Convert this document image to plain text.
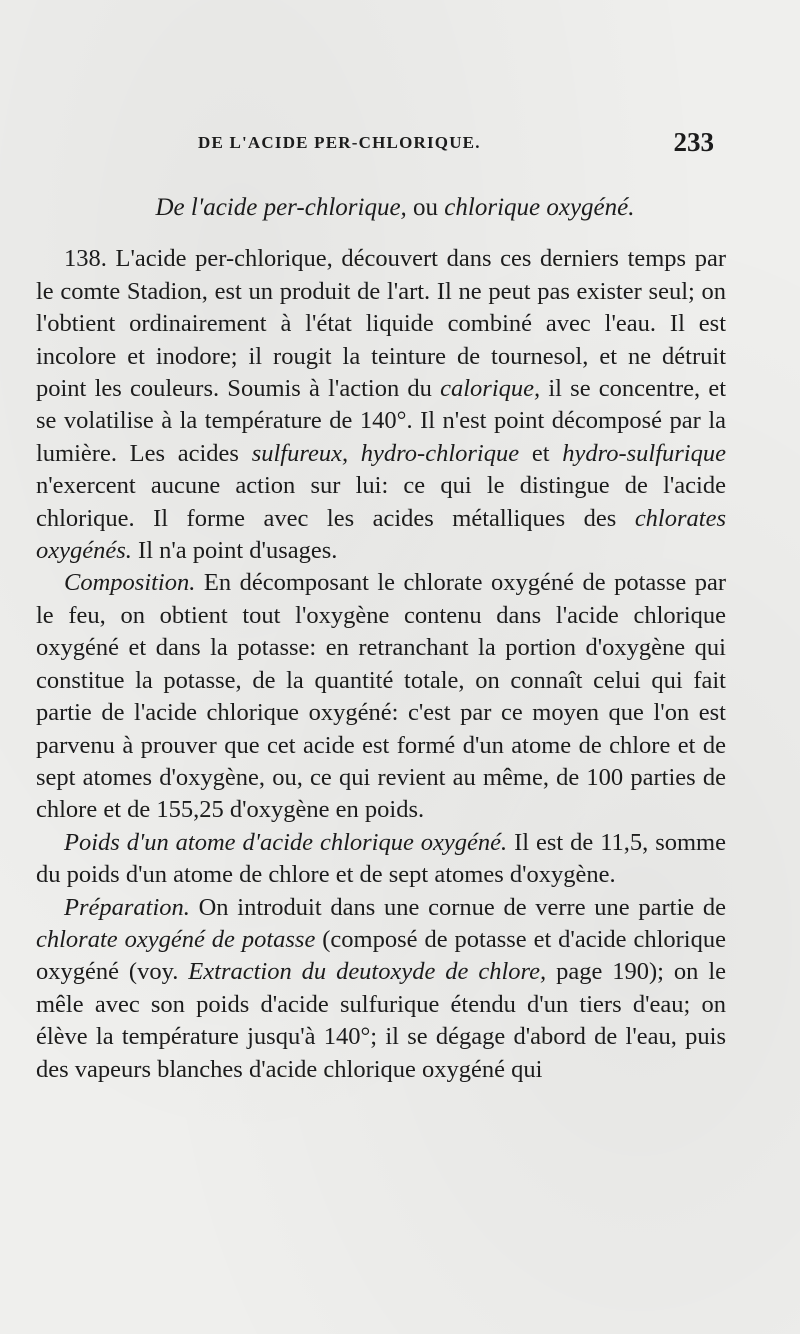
DE L'ACIDE PER-CHLORIQUE.	233
De l'acide per-chlorique, ou chlorique oxygéné.

138. L'acide per-chlorique, découvert dans ces derniers temps par le comte Stadion, est un produit de l'art. Il ne peut pas exister seul; on l'obtient ordinairement à l'état liquide combiné avec l'eau. Il est incolore et inodore; il rougit la teinture de tournesol, et ne détruit point les couleurs. Soumis à l'action du calorique, il se concentre, et se volatilise à la température de 140°. Il n'est point décomposé par la lumière. Les acides sulfureux, hydro-chlorique et hydro-sulfurique n'exercent aucune action sur lui: ce qui le distingue de l'acide chlorique. Il forme avec les acides métalliques des chlorates oxygénés. Il n'a point d'usages.

Composition. En décomposant le chlorate oxygéné de potasse par le feu, on obtient tout l'oxygène contenu dans l'acide chlorique oxygéné et dans la potasse: en retranchant la portion d'oxygène qui constitue la potasse, de la quantité totale, on connaît celui qui fait partie de l'acide chlorique oxygéné: c'est par ce moyen que l'on est parvenu à prouver que cet acide est formé d'un atome de chlore et de sept atomes d'oxygène, ou, ce qui revient au même, de 100 parties de chlore et de 155,25 d'oxygène en poids.

Poids d'un atome d'acide chlorique oxygéné. Il est de 11,5, somme du poids d'un atome de chlore et de sept atomes d'oxygène.

Préparation. On introduit dans une cornue de verre une partie de chlorate oxygéné de potasse (composé de potasse et d'acide chlorique oxygéné (voy. Extraction du deutoxyde de chlore, page 190); on le mêle avec son poids d'acide sulfurique étendu d'un tiers d'eau; on élève la température jusqu'à 140°; il se dégage d'abord de l'eau, puis des vapeurs blanches d'acide chlorique oxygéné qui
